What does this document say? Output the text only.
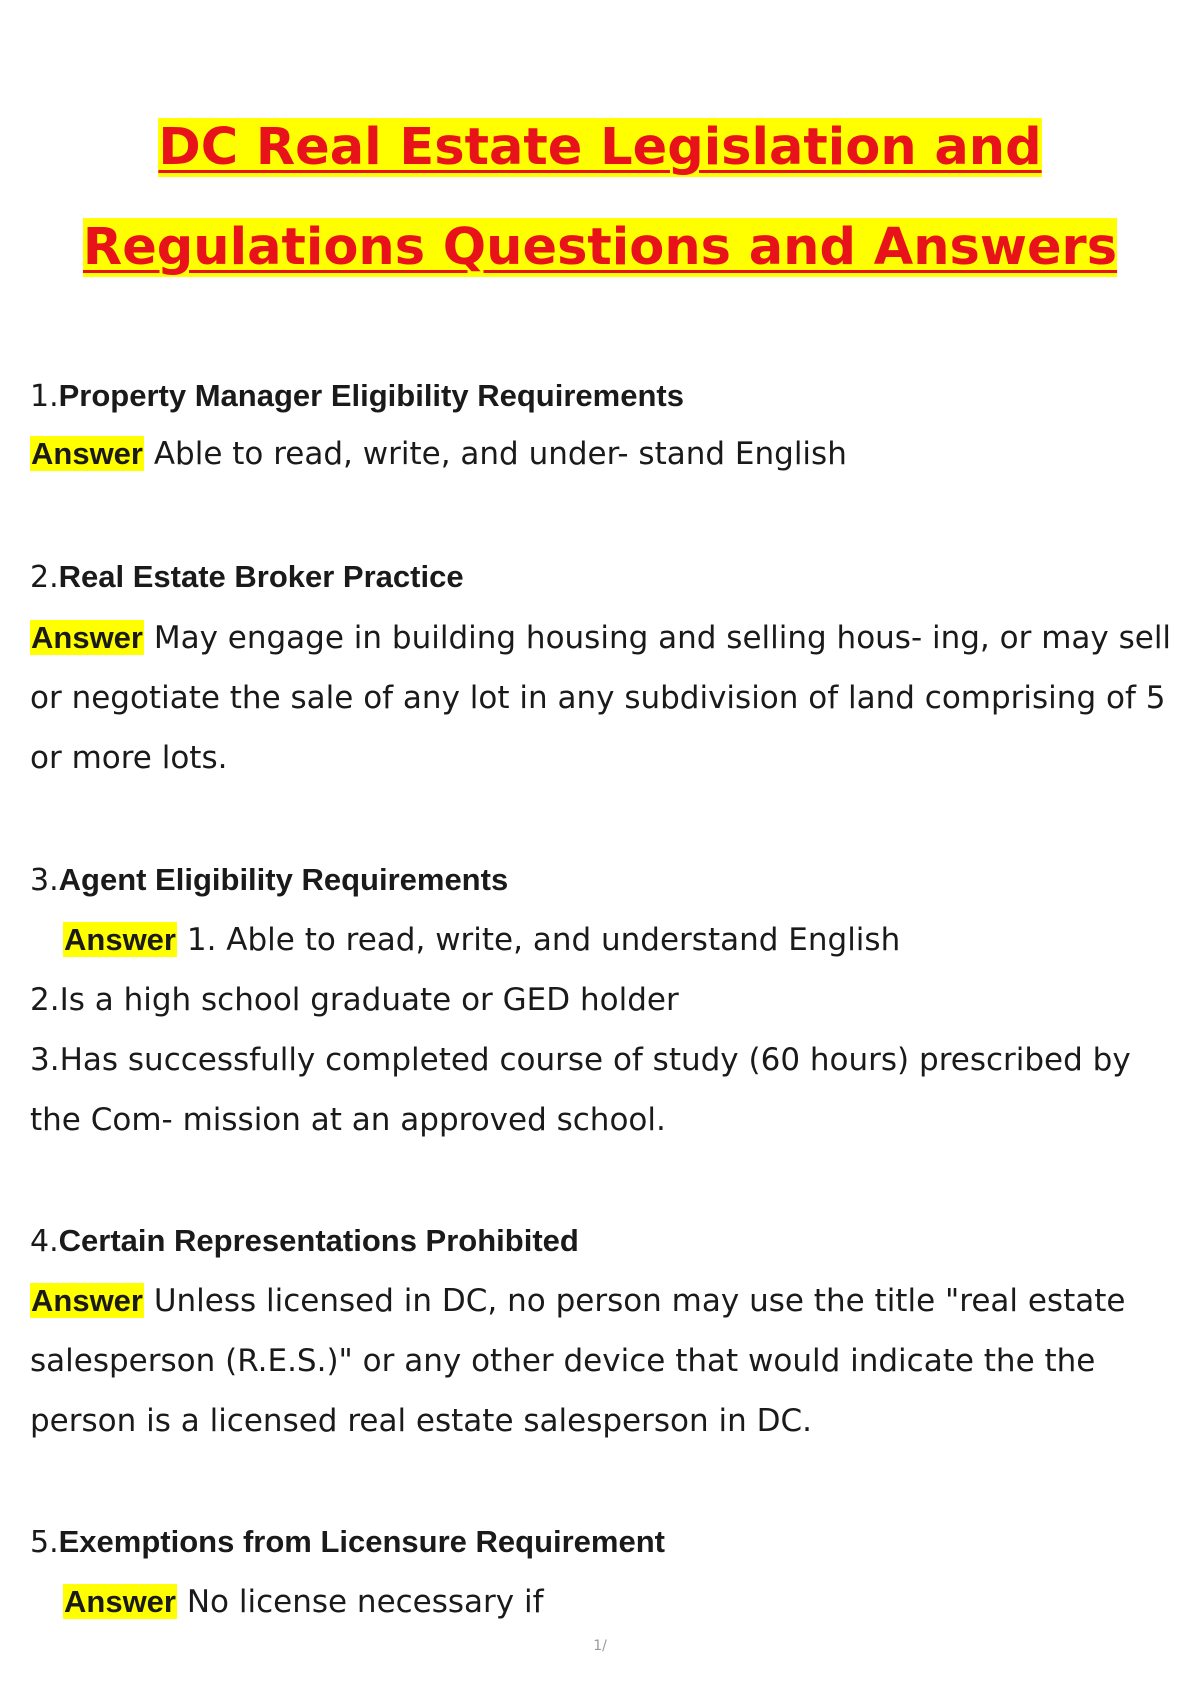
DC Real Estate Legislation and
Regulations Questions and Answers
1.Property Manager Eligibility Requirements
Answer Able to read, write, and under- stand English
2.Real Estate Broker Practice
Answer May engage in building housing and selling hous- ing, or may sell or negotiate the sale of any lot in any subdivision of land comprising of 5 or more lots.
3.Agent Eligibility Requirements
Answer 1. Able to read, write, and understand English
2.Is a high school graduate or GED holder
3.Has successfully completed course of study (60 hours) prescribed by the Com- mission at an approved school.
4.Certain Representations Prohibited
Answer Unless licensed in DC, no person may use the title "real estate salesperson (R.E.S.)" or any other device that would indicate the the person is a licensed real estate salesperson in DC.
5.Exemptions from Licensure Requirement
Answer No license necessary if
1/
